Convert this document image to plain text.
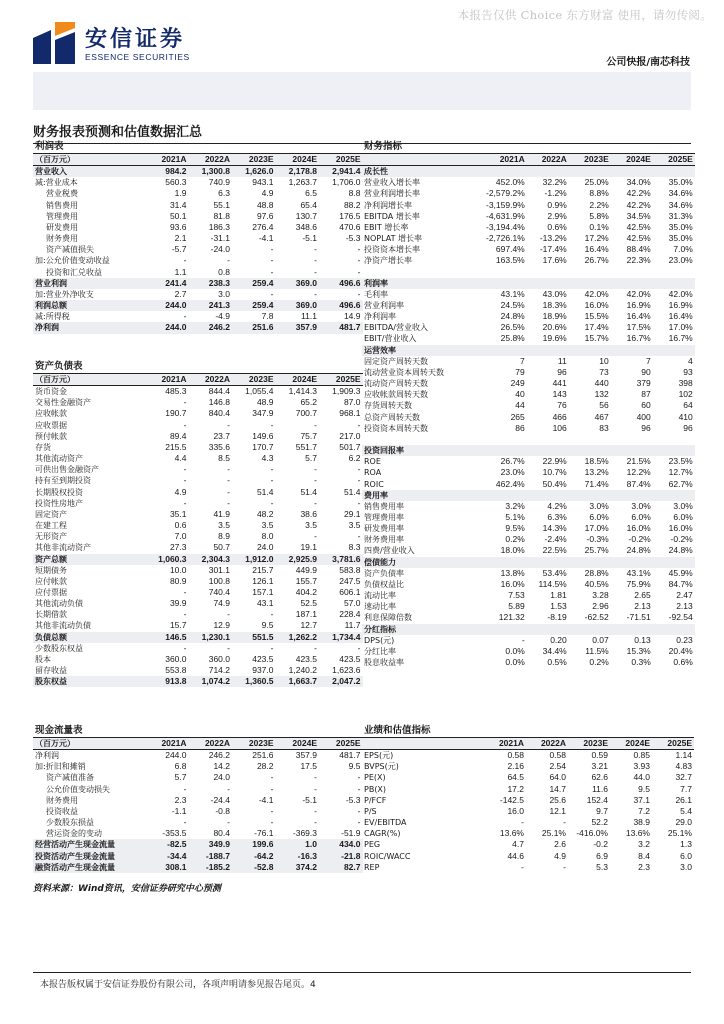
本报告仅供 Choice 东方财富 使用，请勿传阅。
安信证券
ESSENCE SECURITIES	公司快报/南芯科技
财务报表预测和估值数据汇总
利润表					
（百万元）	2021A	2022A	2023E	2024E	2025E
营业收入	984.2	1,300.8	1,626.0	2,178.8	2,941.4
减:营业成本	560.3	740.9	943.1	1,263.7	1,706.0
营业税费	1.9	6.3	4.9	6.5	8.8
销售费用	31.4	55.1	48.8	65.4	88.2
管理费用	50.1	81.8	97.6	130.7	176.5
研发费用	93.6	186.3	276.4	348.6	470.6
财务费用	2.1	-31.1	-4.1	-5.1	-5.3
资产减值损失	-5.7	-24.0	-	-	-
加:公允价值变动收益	-	-	-	-	-
投资和汇兑收益	1.1	0.8	-	-	-
营业利润	241.4	238.3	259.4	369.0	496.6
加:营业外净收支	2.7	3.0	-	-	-
利润总额	244.0	241.3	259.4	369.0	496.6
减:所得税	-	-4.9	7.8	11.1	14.9
净利润	244.0	246.2	251.6	357.9	481.7
财务指标					
	2021A	2022A	2023E	2024E	2025E
成长性					
营业收入增长率	452.0%	32.2%	25.0%	34.0%	35.0%
营业利润增长率	-2,579.2%	-1.2%	8.8%	42.2%	34.6%
净利润增长率	-3,159.9%	0.9%	2.2%	42.2%	34.6%
EBITDA 增长率	-4,631.9%	2.9%	5.8%	34.5%	31.3%
EBIT 增长率	-3,194.4%	0.6%	0.1%	42.5%	35.0%
NOPLAT 增长率	-2,726.1%	-13.2%	17.2%	42.5%	35.0%
投资资本增长率	697.4%	-17.4%	16.4%	88.4%	7.0%
净资产增长率	163.5%	17.6%	26.7%	22.3%	23.0%

利润率					
毛利率	43.1%	43.0%	42.0%	42.0%	42.0%
营业利润率	24.5%	18.3%	16.0%	16.9%	16.9%
净利润率	24.8%	18.9%	15.5%	16.4%	16.4%
EBITDA/营业收入	26.5%	20.6%	17.4%	17.5%	17.0%
EBIT/营业收入	25.8%	19.6%	15.7%	16.7%	16.7%
运营效率					
固定资产周转天数	7	11	10	7	4
流动营业资本周转天数	79	96	73	90	93
流动资产周转天数	249	441	440	379	398
应收帐款周转天数	40	143	132	87	102
存货周转天数	44	76	56	60	64
总资产周转天数	265	466	467	400	410
投资资本周转天数	86	106	83	96	96

投资回报率					
ROE	26.7%	22.9%	18.5%	21.5%	23.5%
ROA	23.0%	10.7%	13.2%	12.2%	12.7%
ROIC	462.4%	50.4%	71.4%	87.4%	62.7%
费用率					
销售费用率	3.2%	4.2%	3.0%	3.0%	3.0%
管理费用率	5.1%	6.3%	6.0%	6.0%	6.0%
研发费用率	9.5%	14.3%	17.0%	16.0%	16.0%
财务费用率	0.2%	-2.4%	-0.3%	-0.2%	-0.2%
四费/营业收入	18.0%	22.5%	25.7%	24.8%	24.8%
偿债能力					
资产负债率	13.8%	53.4%	28.8%	43.1%	45.9%
负债权益比	16.0%	114.5%	40.5%	75.9%	84.7%
流动比率	7.53	1.81	3.28	2.65	2.47
速动比率	5.89	1.53	2.96	2.13	2.13
利息保障倍数	121.32	-8.19	-62.52	-71.51	-92.54
分红指标					
DPS(元)	-	0.20	0.07	0.13	0.23
分红比率	0.0%	34.4%	11.5%	15.3%	20.4%
股息收益率	0.0%	0.5%	0.2%	0.3%	0.6%
资产负债表					
（百万元）	2021A	2022A	2023E	2024E	2025E
货币资金	485.3	844.4	1,055.4	1,414.3	1,909.3
交易性金融资产	-	146.8	48.9	65.2	87.0
应收帐款	190.7	840.4	347.9	700.7	968.1
应收票据	-	-	-	-	-
预付帐款	89.4	23.7	149.6	75.7	217.0
存货	215.5	335.6	170.7	551.7	501.7
其他流动资产	4.4	8.5	4.3	5.7	6.2
可供出售金融资产	-	-	-	-	-
持有至到期投资	-	-	-	-	-
长期股权投资	4.9	-	51.4	51.4	51.4
投资性房地产	-	-	-	-	-
固定资产	35.1	41.9	48.2	38.6	29.1
在建工程	0.6	3.5	3.5	3.5	3.5
无形资产	7.0	8.9	8.0	-	-
其他非流动资产	27.3	50.7	24.0	19.1	8.3
资产总额	1,060.3	2,304.3	1,912.0	2,925.9	3,781.6
短期债务	10.0	301.1	215.7	449.9	583.8
应付帐款	80.9	100.8	126.1	155.7	247.5
应付票据	-	740.4	157.1	404.2	606.1
其他流动负债	39.9	74.9	43.1	52.5	57.0
长期借款	-	-	-	187.1	228.4
其他非流动负债	15.7	12.9	9.5	12.7	11.7
负债总额	146.5	1,230.1	551.5	1,262.2	1,734.4
少数股东权益	-	-	-	-	-
股本	360.0	360.0	423.5	423.5	423.5
留存收益	553.8	714.2	937.0	1,240.2	1,623.6
股东权益	913.8	1,074.2	1,360.5	1,663.7	2,047.2
现金流量表					
（百万元）	2021A	2022A	2023E	2024E	2025E
净利润	244.0	246.2	251.6	357.9	481.7
加:折旧和摊销	6.8	14.2	28.2	17.5	9.5
资产减值准备	5.7	24.0	-	-	-
公允价值变动损失	-	-	-	-	-
财务费用	2.3	-24.4	-4.1	-5.1	-5.3
投资收益	-1.1	-0.8	-	-	-
少数股东损益	-	-	-	-	-
营运资金的变动	-353.5	80.4	-76.1	-369.3	-51.9
经营活动产生现金流量	-82.5	349.9	199.6	1.0	434.0
投资活动产生现金流量	-34.4	-188.7	-64.2	-16.3	-21.8
融资活动产生现金流量	308.1	-185.2	-52.8	374.2	82.7
业绩和估值指标					
	2021A	2022A	2023E	2024E	2025E
EPS(元)	0.58	0.58	0.59	0.85	1.14
BVPS(元)	2.16	2.54	3.21	3.93	4.83
PE(X)	64.5	64.0	62.6	44.0	32.7
PB(X)	17.2	14.7	11.6	9.5	7.7
P/FCF	-142.5	25.6	152.4	37.1	26.1
P/S	16.0	12.1	9.7	7.2	5.4
EV/EBITDA	-	-	52.2	38.9	29.0
CAGR(%)	13.6%	25.1%	-416.0%	13.6%	25.1%
PEG	4.7	2.6	-0.2	3.2	1.3
ROIC/WACC	44.6	4.9	6.9	8.4	6.0
REP	-	-	5.3	2.3	3.0
资料来源：Wind资讯，安信证券研究中心预测
本报告版权属于安信证券股份有限公司，各项声明请参见报告尾页。4
